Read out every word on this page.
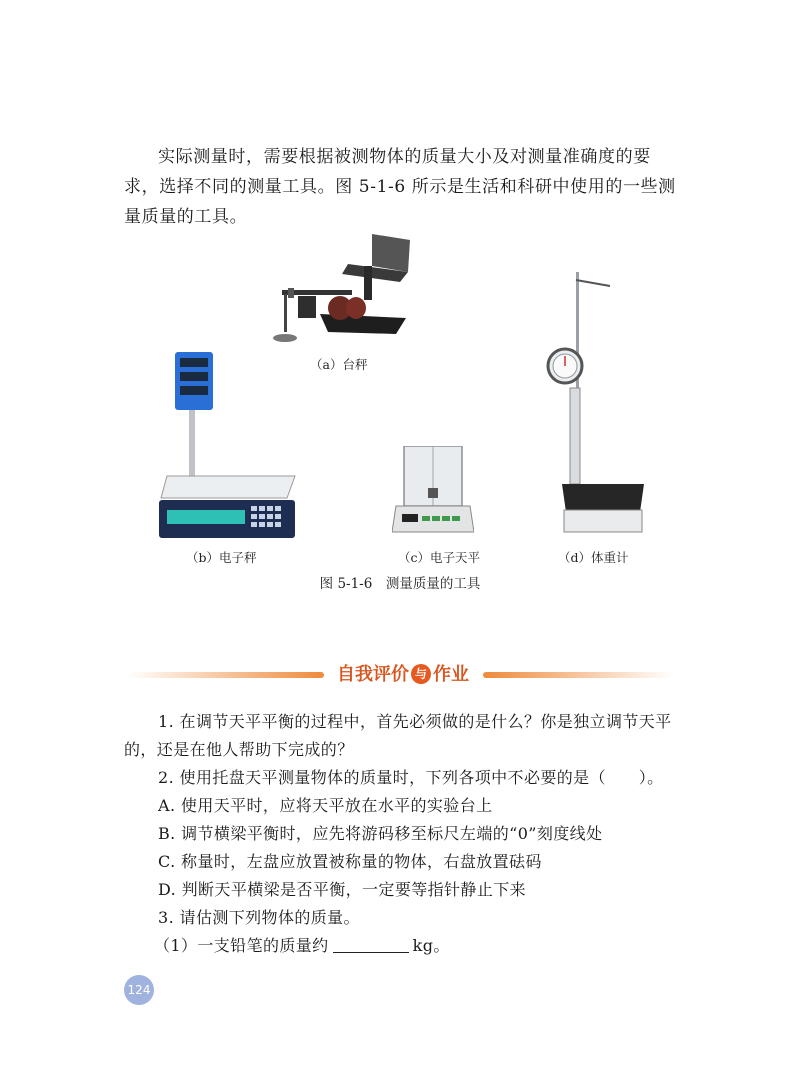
实际测量时，需要根据被测物体的质量大小及对测量准确度的要求，选择不同的测量工具。图 5-1-6 所示是生活和科研中使用的一些测量质量的工具。
（a）台秤
（b）电子秤	（c）电子天平	（d）体重计
图 5-1-6　测量质量的工具
自我评价 与 作业
1. 在调节天平平衡的过程中，首先必须做的是什么？你是独立调节天平的，还是在他人帮助下完成的？
2. 使用托盘天平测量物体的质量时，下列各项中不必要的是（　　）。
A. 使用天平时，应将天平放在水平的实验台上
B. 调节横梁平衡时，应先将游码移至标尺左端的“0”刻度线处
C. 称量时，左盘应放置被称量的物体，右盘放置砝码
D. 判断天平横梁是否平衡，一定要等指针静止下来
3. 请估测下列物体的质量。
（1）一支铅笔的质量约	kg。
124
